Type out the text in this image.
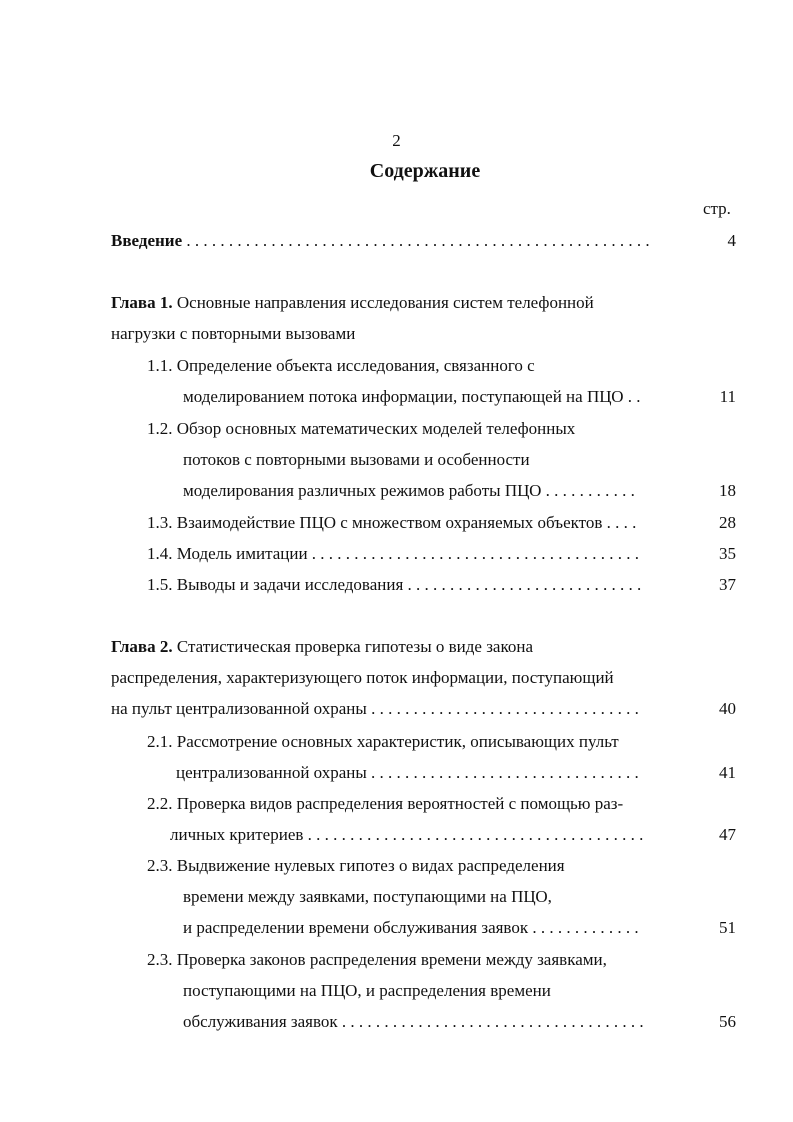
2
Содержание
стр.
Введение . . . . . . . . . . . . . . . . . . . . . . . . . . . . . . . . . . . . . . . . . . . . . . . . . . . . . . .	4
Глава 1. Основные направления исследования систем телефонной
нагрузки с повторными вызовами
1.1. Определение объекта исследования, связанного с
моделированием потока информации, поступающей на ПЦО . .	11
1.2. Обзор основных математических моделей телефонных
потоков с повторными вызовами и особенности
моделирования различных режимов работы ПЦО . . . . . . . . . . .	18
1.3. Взаимодействие ПЦО с множеством охраняемых объектов . . . .	28
1.4. Модель имитации . . . . . . . . . . . . . . . . . . . . . . . . . . . . . . . . . . . . . . .	35
1.5. Выводы и задачи исследования . . . . . . . . . . . . . . . . . . . . . . . . . . . .	37
Глава 2. Статистическая проверка гипотезы о виде закона
распределения, характеризующего поток информации, поступающий
на пульт централизованной охраны . . . . . . . . . . . . . . . . . . . . . . . . . . . . . . . .	40
2.1. Рассмотрение основных характеристик, описывающих пульт
централизованной охраны . . . . . . . . . . . . . . . . . . . . . . . . . . . . . . . .	41
2.2. Проверка видов распределения вероятностей с помощью раз-
личных критериев . . . . . . . . . . . . . . . . . . . . . . . . . . . . . . . . . . . . . . . .	47
2.3. Выдвижение нулевых гипотез о видах распределения
времени между заявками, поступающими на ПЦО,
и распределении времени обслуживания заявок . . . . . . . . . . . . .	51
2.3. Проверка законов распределения времени между заявками,
поступающими на ПЦО, и распределения времени
обслуживания заявок . . . . . . . . . . . . . . . . . . . . . . . . . . . . . . . . . . . .	56
